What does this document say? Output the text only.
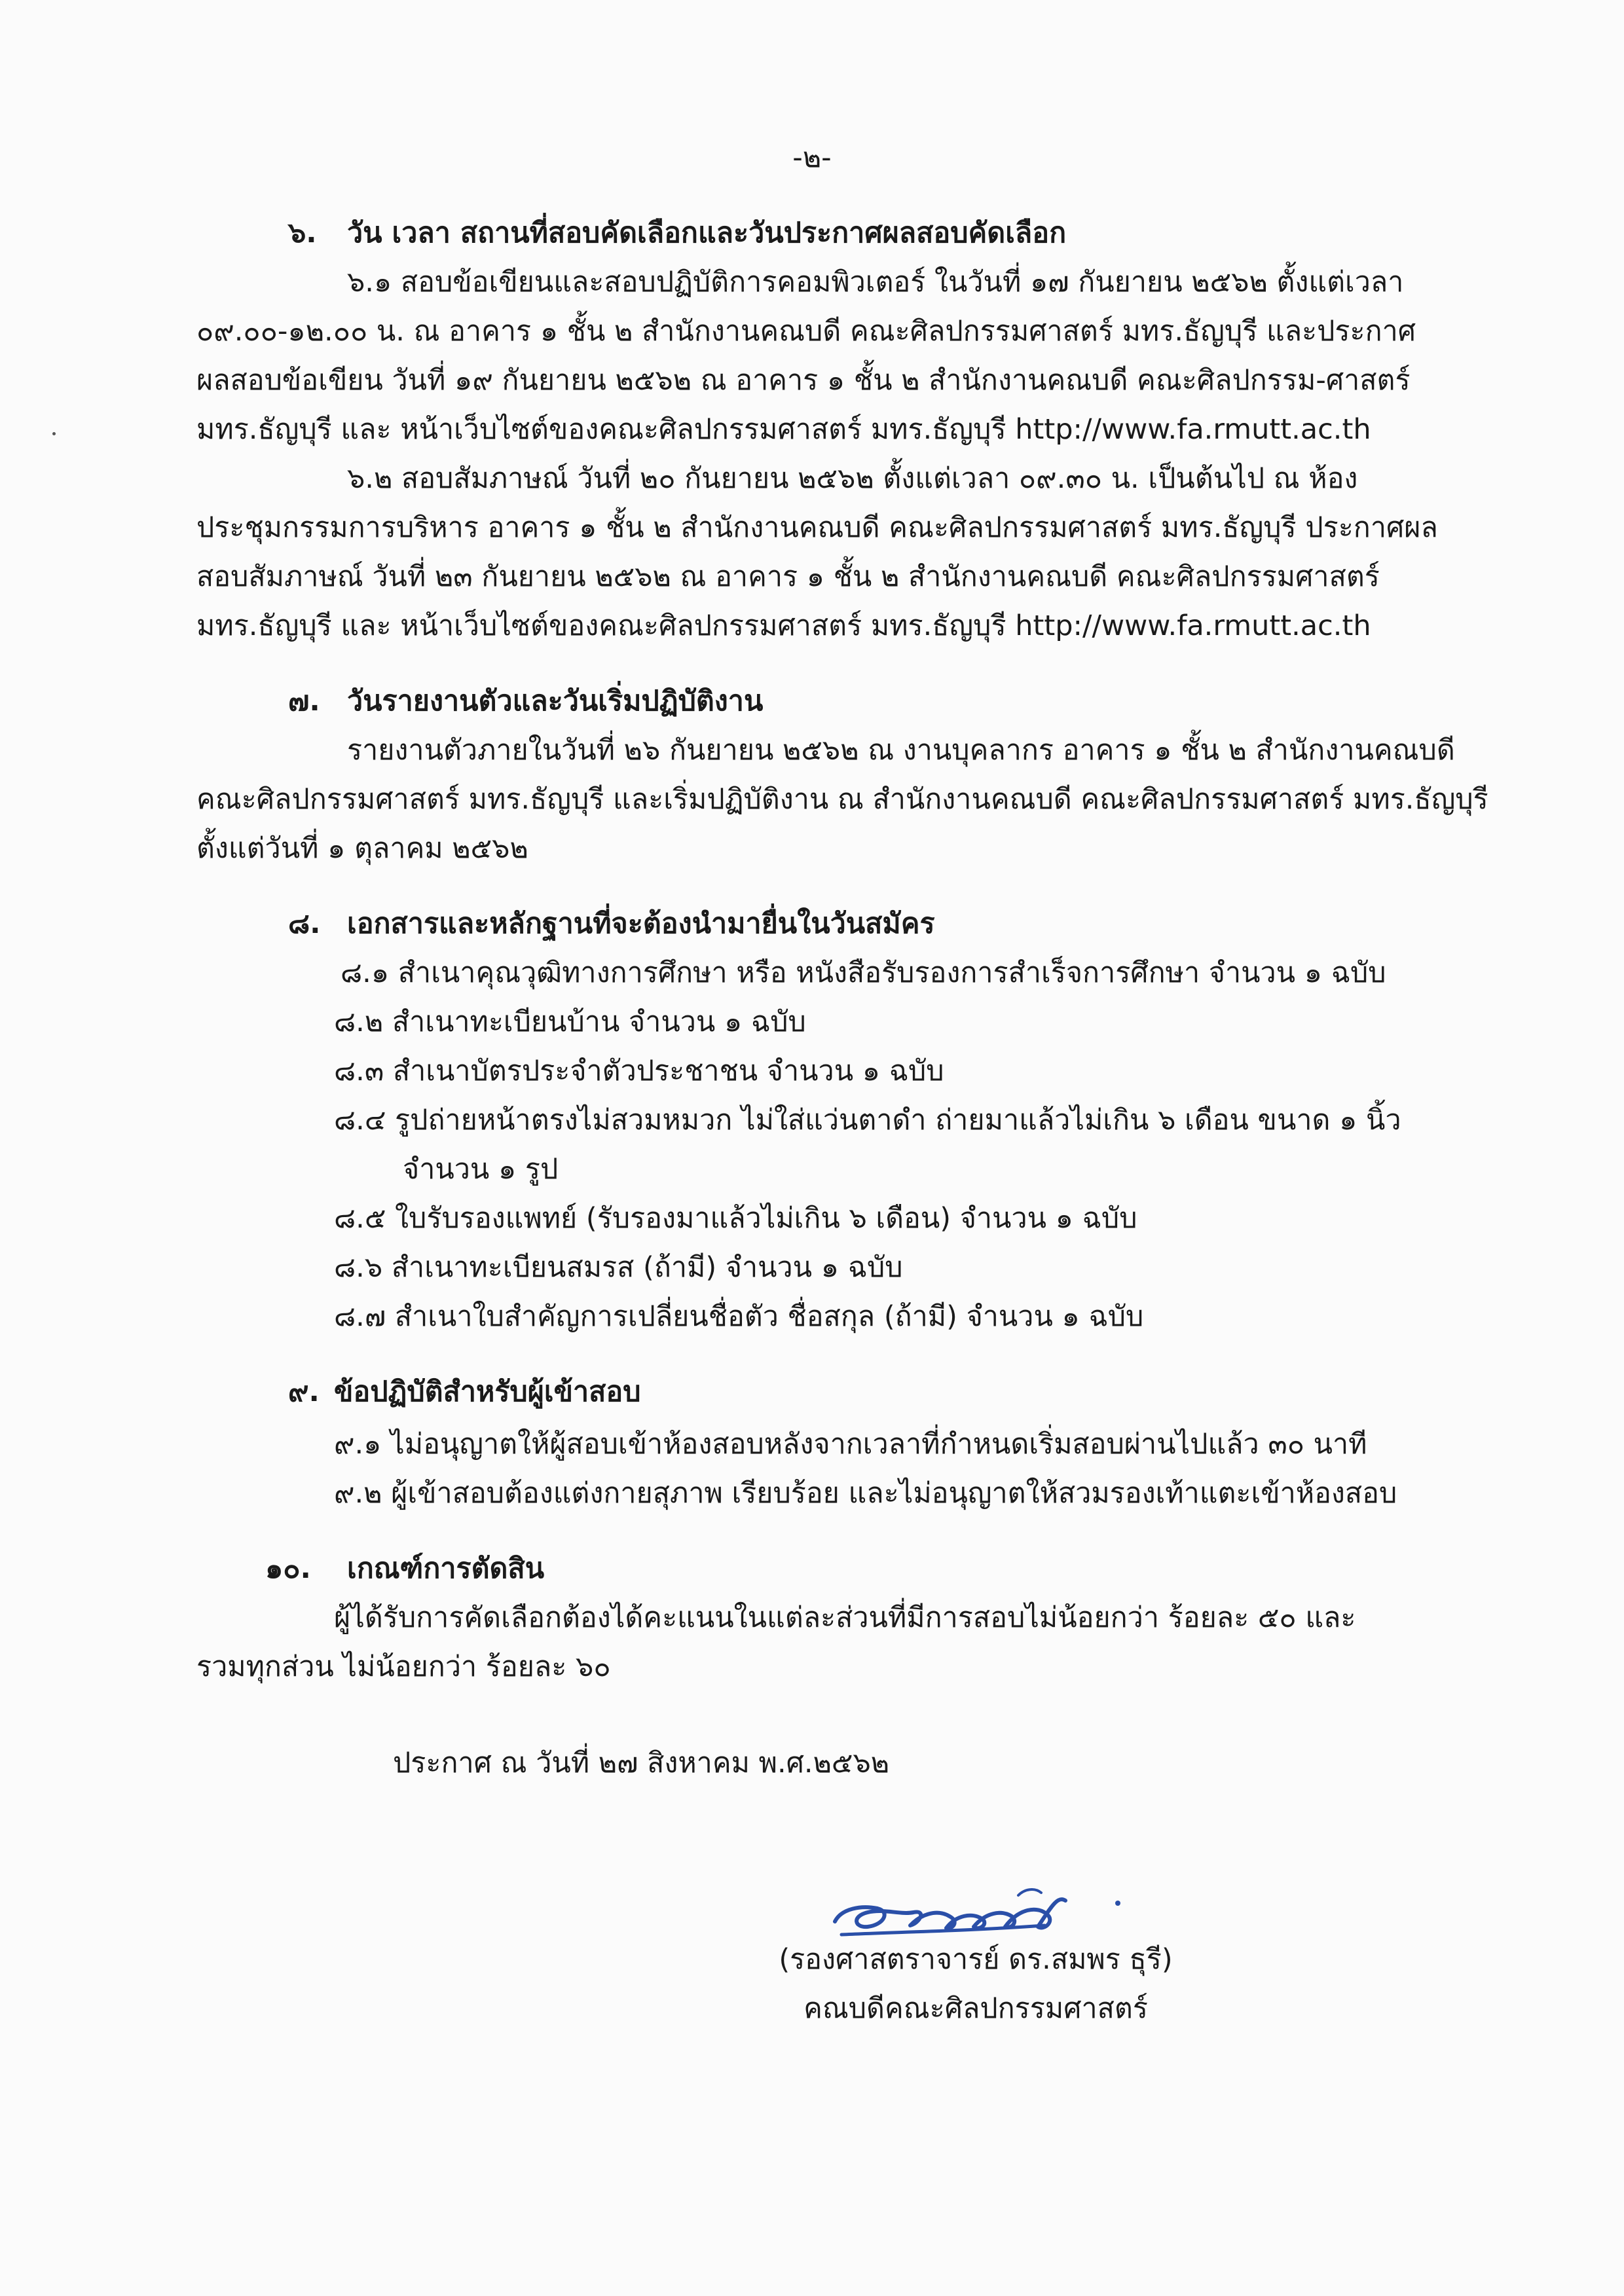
-๒-
๖. วัน เวลา สถานที่สอบคัดเลือกและวันประกาศผลสอบคัดเลือก
๖.๑ สอบข้อเขียนและสอบปฏิบัติการคอมพิวเตอร์ ในวันที่ ๑๗ กันยายน ๒๕๖๒ ตั้งแต่เวลา
๐๙.๐๐-๑๒.๐๐ น. ณ อาคาร ๑ ชั้น ๒ สำนักงานคณบดี คณะศิลปกรรมศาสตร์ มทร.ธัญบุรี และประกาศ
ผลสอบข้อเขียน วันที่ ๑๙ กันยายน ๒๕๖๒ ณ อาคาร ๑ ชั้น ๒ สำนักงานคณบดี คณะศิลปกรรม-ศาสตร์
มทร.ธัญบุรี และ หน้าเว็บไซต์ของคณะศิลปกรรมศาสตร์ มทร.ธัญบุรี http://www.fa.rmutt.ac.th
๖.๒ สอบสัมภาษณ์ วันที่ ๒๐ กันยายน ๒๕๖๒ ตั้งแต่เวลา ๐๙.๓๐ น. เป็นต้นไป ณ ห้อง
ประชุมกรรมการบริหาร อาคาร ๑ ชั้น ๒ สำนักงานคณบดี คณะศิลปกรรมศาสตร์ มทร.ธัญบุรี ประกาศผล
สอบสัมภาษณ์ วันที่ ๒๓ กันยายน ๒๕๖๒ ณ อาคาร ๑ ชั้น ๒ สำนักงานคณบดี คณะศิลปกรรมศาสตร์
มทร.ธัญบุรี และ หน้าเว็บไซต์ของคณะศิลปกรรมศาสตร์ มทร.ธัญบุรี http://www.fa.rmutt.ac.th
๗. วันรายงานตัวและวันเริ่มปฏิบัติงาน
รายงานตัวภายในวันที่ ๒๖ กันยายน ๒๕๖๒ ณ งานบุคลากร อาคาร ๑ ชั้น ๒ สำนักงานคณบดี
คณะศิลปกรรมศาสตร์ มทร.ธัญบุรี และเริ่มปฏิบัติงาน ณ สำนักงานคณบดี คณะศิลปกรรมศาสตร์ มทร.ธัญบุรี
ตั้งแต่วันที่ ๑ ตุลาคม ๒๕๖๒
๘. เอกสารและหลักฐานที่จะต้องนำมายื่นในวันสมัคร
๘.๑ สำเนาคุณวุฒิทางการศึกษา หรือ หนังสือรับรองการสำเร็จการศึกษา จำนวน ๑ ฉบับ
๘.๒ สำเนาทะเบียนบ้าน จำนวน ๑ ฉบับ
๘.๓ สำเนาบัตรประจำตัวประชาชน จำนวน ๑ ฉบับ
๘.๔ รูปถ่ายหน้าตรงไม่สวมหมวก ไม่ใส่แว่นตาดำ ถ่ายมาแล้วไม่เกิน ๖ เดือน ขนาด ๑ นิ้ว
จำนวน ๑ รูป
๘.๕ ใบรับรองแพทย์ (รับรองมาแล้วไม่เกิน ๖ เดือน) จำนวน ๑ ฉบับ
๘.๖ สำเนาทะเบียนสมรส (ถ้ามี) จำนวน ๑ ฉบับ
๘.๗ สำเนาใบสำคัญการเปลี่ยนชื่อตัว ชื่อสกุล (ถ้ามี) จำนวน ๑ ฉบับ
๙. ข้อปฏิบัติสำหรับผู้เข้าสอบ
๙.๑ ไม่อนุญาตให้ผู้สอบเข้าห้องสอบหลังจากเวลาที่กำหนดเริ่มสอบผ่านไปแล้ว ๓๐ นาที
๙.๒ ผู้เข้าสอบต้องแต่งกายสุภาพ เรียบร้อย และไม่อนุญาตให้สวมรองเท้าแตะเข้าห้องสอบ
๑๐. เกณฑ์การตัดสิน
ผู้ได้รับการคัดเลือกต้องได้คะแนนในแต่ละส่วนที่มีการสอบไม่น้อยกว่า ร้อยละ ๕๐ และ
รวมทุกส่วน ไม่น้อยกว่า ร้อยละ ๖๐
ประกาศ ณ วันที่ ๒๗ สิงหาคม พ.ศ.๒๕๖๒
(รองศาสตราจารย์ ดร.สมพร ธุรี)
คณบดีคณะศิลปกรรมศาสตร์
